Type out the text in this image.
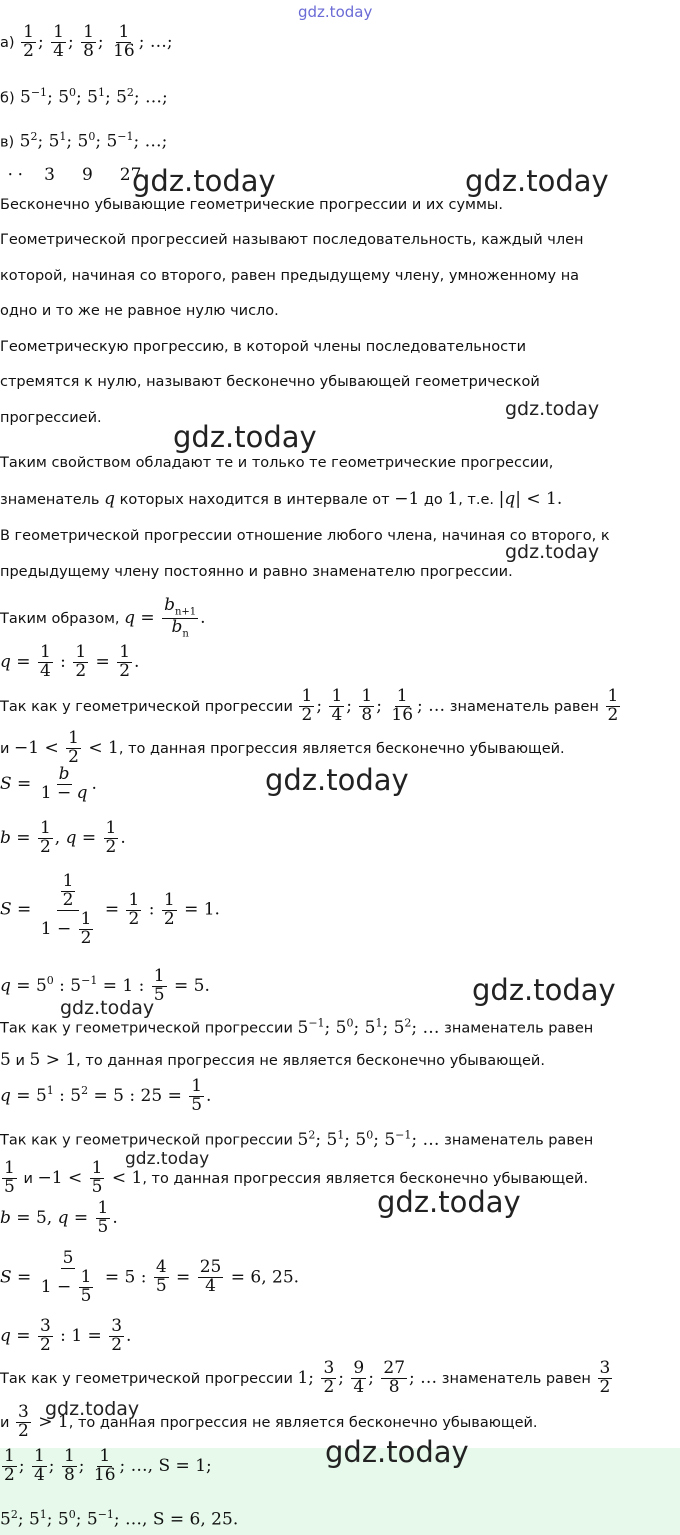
gdz.today
$а) \frac{1}{2}$ ; $\frac{1}{4}$ ; $\frac{1}{8}$ ; $\frac{1}{16}$ ; …;
б) $5^{-1}$; $5^0$; $5^1$; $5^2$; …;
в) $5^2$; $5^1$; $5^0$; $5^{-1}$; …;
⸱ ⸱    3     9     27
Бесконечно убывающие геометрические прогрессии и их суммы.
Геометрической прогрессией называют последовательность, каждый член
которой, начиная со второго, равен предыдущему члену, умноженному на
одно и то же не равное нулю число.
Геометрическую прогрессию, в которой члены последовательности
стремятся к нулю, называют бесконечно убывающей геометрической
прогрессией.
Таким свойством обладают те и только те геометрические прогрессии,
знаменатель q которых находится в интервале от −1 до 1, т.е. |q| < 1.
В геометрической прогрессии отношение любого члена, начиная со второго, к
предыдущему члену постоянно и равно знаменателю прогрессии.
Таким образом, $q = \frac{b_{n+1}}{b_n}$ .
$q = \frac{1}{4}$ : $\frac{1}{2} = \frac{1}{2}$ .
Так как у геометрической прогрессии $\frac{1}{2}$ ; $\frac{1}{4}$ ; $\frac{1}{8}$ ; $\frac{1}{16}$ ; … знаменатель равен $\frac{1}{2}$
$и -1 < \frac{1}{2} < 1$, то данная прогрессия является бесконечно убывающей.
$S = \frac{b}{1 - q}$ .
$b = \frac{1}{2}$ , $q = \frac{1}{2}$ .
$S = \frac{\frac{1}{2}}{1 - \frac{1}{2}} = \frac{1}{2}$ : $\frac{1}{2} = 1$.
$q = 5^0$ : $5^{-1} = 1$ : $\frac{1}{5} = 5$.
Так как у геометрической прогрессии $5^{-1}$; $5^0$; $5^1$; $5^2$; … знаменатель равен
5 и 5 > 1, то данная прогрессия не является бесконечно убывающей.
$q = 5^1$ : $5^2 = 5$ : $25 = \frac{1}{5}$ .
Так как у геометрической прогрессии $5^2$; $5^1$; $5^0$; $5^{-1}$; … знаменатель равен
$\frac{1}{5}$ $и -1 < \frac{1}{5} < 1$, то данная прогрессия является бесконечно убывающей.
b = 5, $q = \frac{1}{5}$ .
$S = \frac{5}{1 - \frac{1}{5}} = 5$ : $\frac{4}{5} = \frac{25}{4} = 6$, 25.
$q = \frac{3}{2}$ : $1 = \frac{3}{2}$ .
Так как у геометрической прогрессии 1; $\frac{3}{2}$ ; $\frac{9}{4}$ ; $\frac{27}{8}$ ; … знаменатель равен $\frac{3}{2}$
и $\frac{3}{2} > 1$, то данная прогрессия не является бесконечно убывающей.
$\frac{1}{2}$ ; $\frac{1}{4}$ ; $\frac{1}{8}$ ; $\frac{1}{16}$ ; …, S = 1;
$5^2$; $5^1$; $5^0$; $5^{-1}$; …, S = 6, 25.
gdz.today	gdz.today
gdz.today
gdz.today
gdz.today
gdz.today
gdz.today
gdz.today
gdz.today
gdz.today
gdz.today
gdz.today
